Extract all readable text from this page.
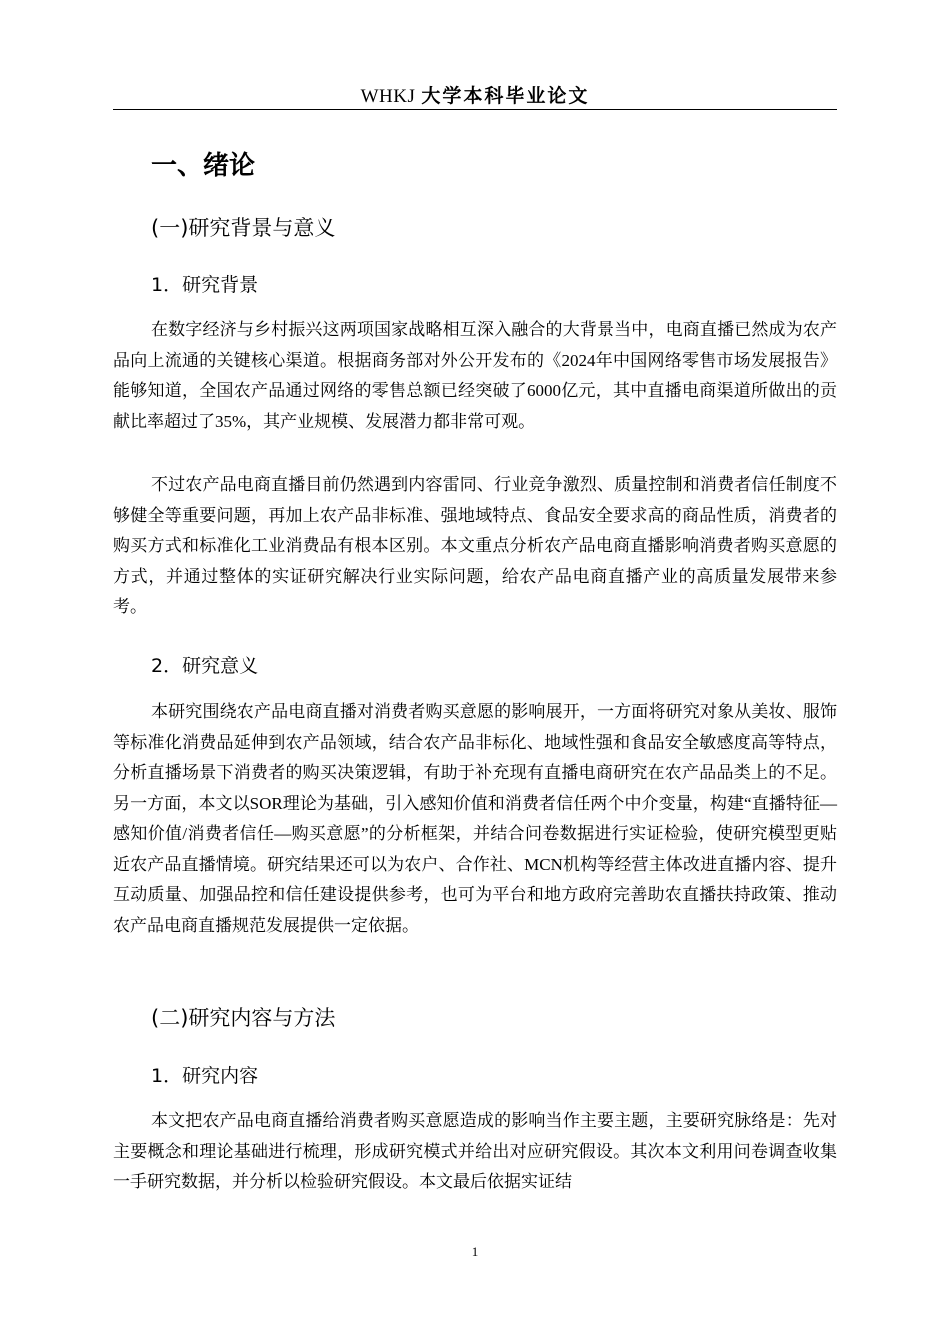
WHKJ 大学本科毕业论文
一、绪论
(一)研究背景与意义
1．研究背景

在数字经济与乡村振兴这两项国家战略相互深入融合的大背景当中，电商直播已然成为农产品向上流通的关键核心渠道。根据商务部对外公开发布的《2024年中国网络零售市场发展报告》能够知道，全国农产品通过网络的零售总额已经突破了6000亿元，其中直播电商渠道所做出的贡献比率超过了35%，其产业规模、发展潜力都非常可观。

不过农产品电商直播目前仍然遇到内容雷同、行业竞争激烈、质量控制和消费者信任制度不够健全等重要问题，再加上农产品非标准、强地域特点、食品安全要求高的商品性质，消费者的购买方式和标准化工业消费品有根本区别。本文重点分析农产品电商直播影响消费者购买意愿的方式，并通过整体的实证研究解决行业实际问题，给农产品电商直播产业的高质量发展带来参考。

2．研究意义

本研究围绕农产品电商直播对消费者购买意愿的影响展开，一方面将研究对象从美妆、服饰等标准化消费品延伸到农产品领域，结合农产品非标化、地域性强和食品安全敏感度高等特点，分析直播场景下消费者的购买决策逻辑，有助于补充现有直播电商研究在农产品品类上的不足。另一方面，本文以SOR理论为基础，引入感知价值和消费者信任两个中介变量，构建“直播特征—感知价值/消费者信任—购买意愿”的分析框架，并结合问卷数据进行实证检验，使研究模型更贴近农产品直播情境。研究结果还可以为农户、合作社、MCN机构等经营主体改进直播内容、提升互动质量、加强品控和信任建设提供参考，也可为平台和地方政府完善助农直播扶持政策、推动农产品电商直播规范发展提供一定依据。

(二)研究内容与方法
1．研究内容

本文把农产品电商直播给消费者购买意愿造成的影响当作主要主题，主要研究脉络是：先对主要概念和理论基础进行梳理，形成研究模式并给出对应研究假设。其次本文利用问卷调查收集一手研究数据，并分析以检验研究假设。本文最后依据实证结

1
